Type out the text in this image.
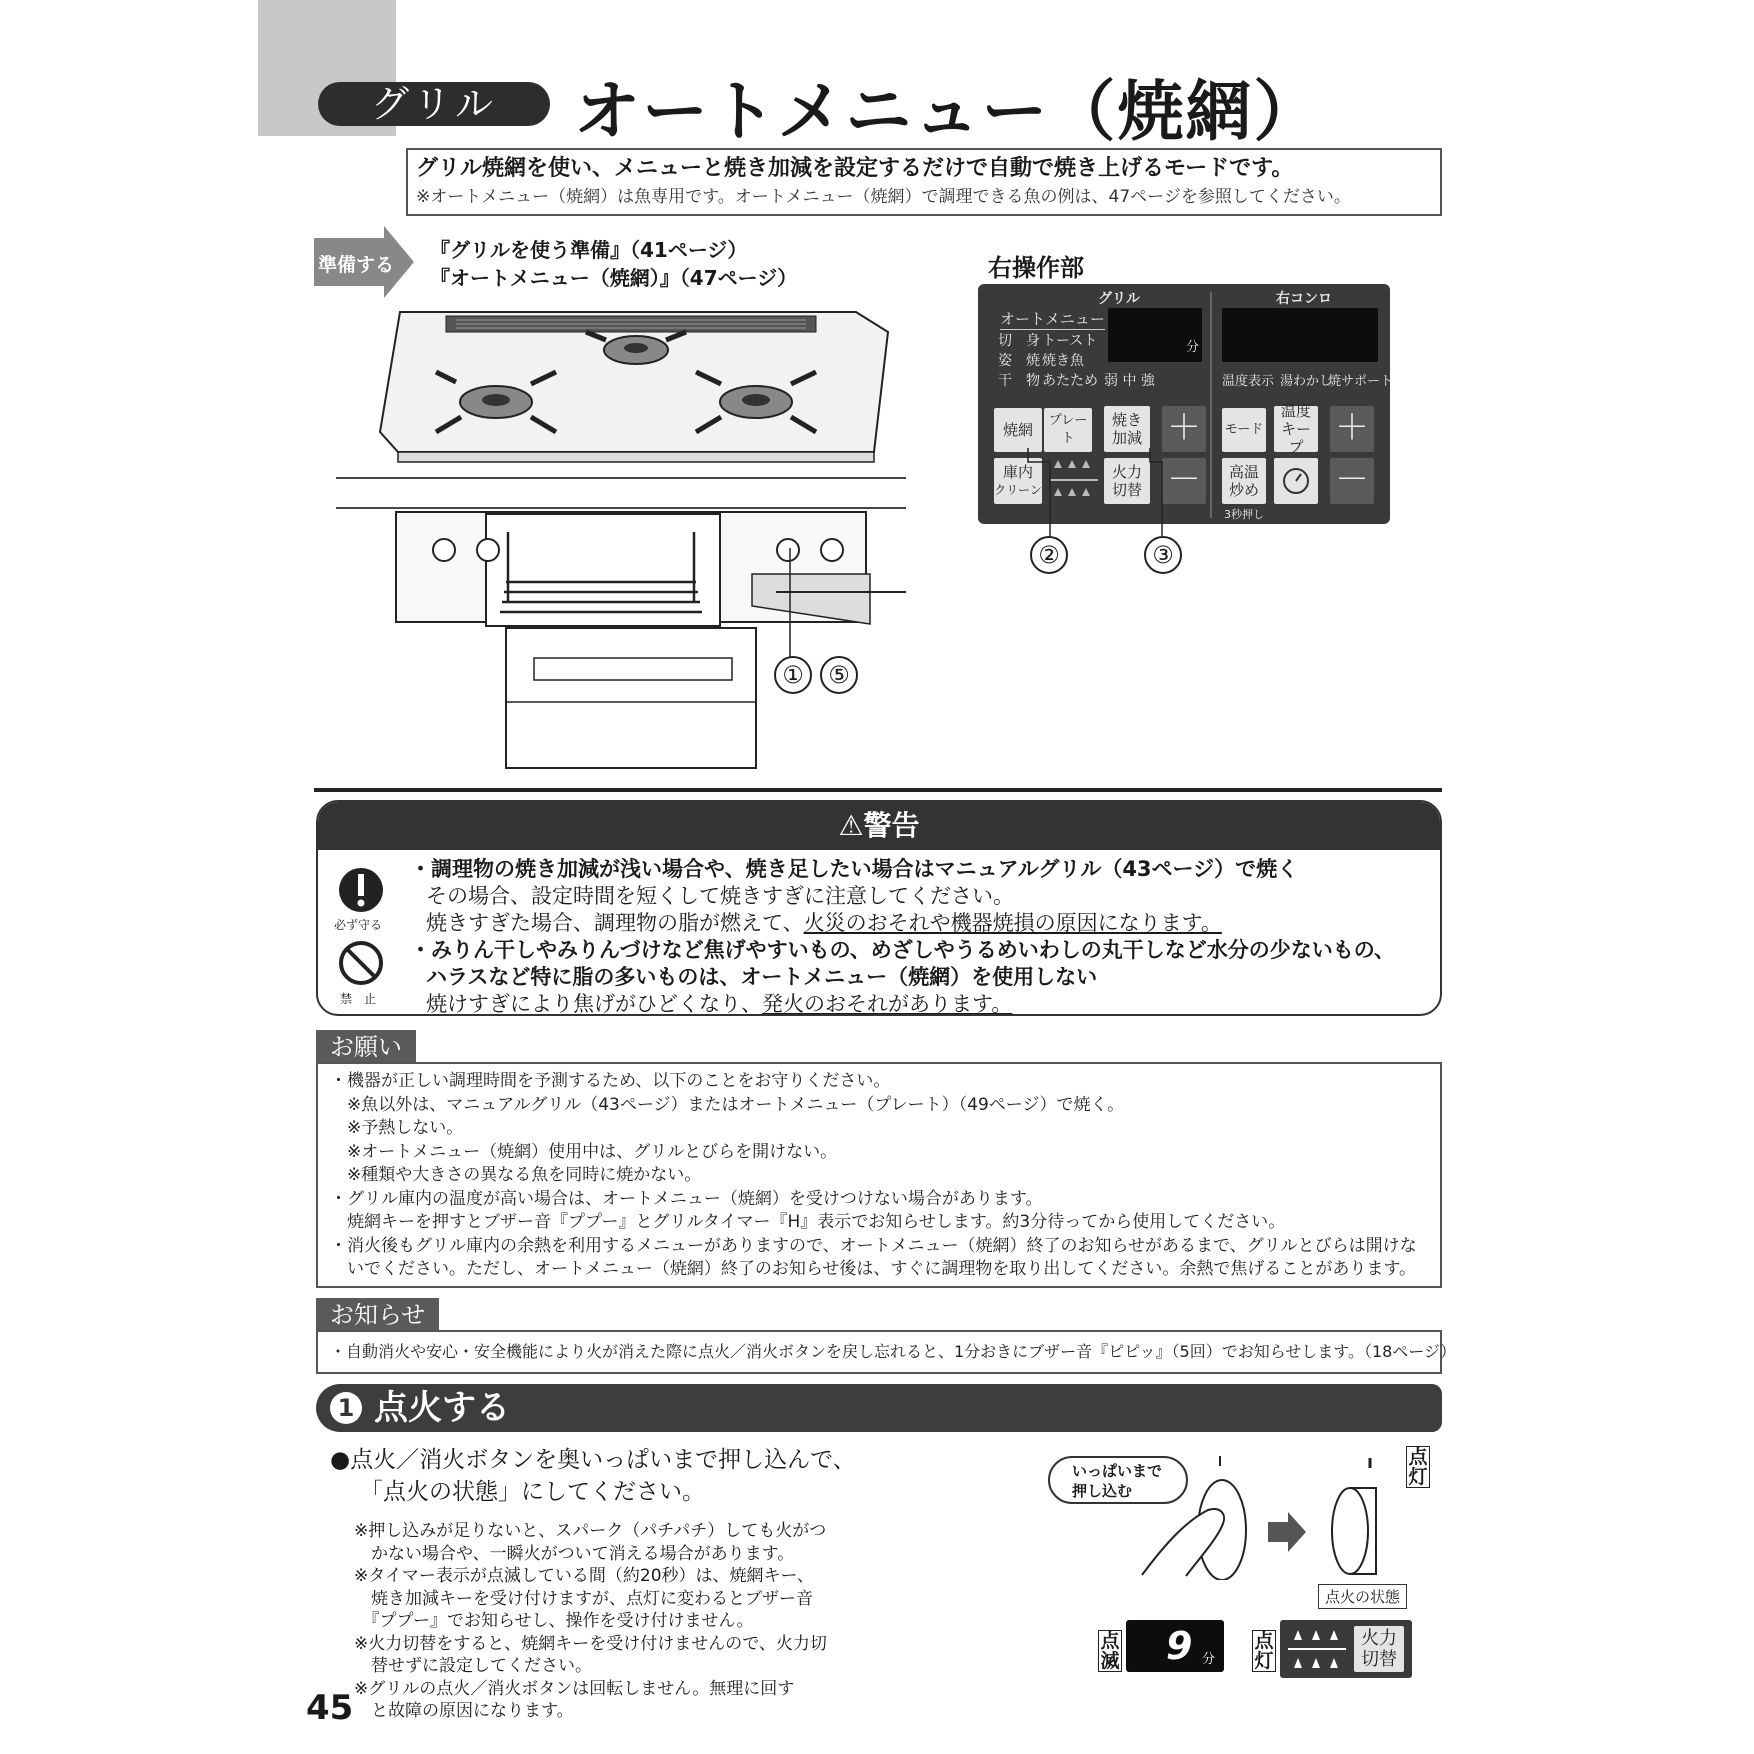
グリル	オートメニュー（焼網）
グリル焼網を使い、メニューと焼き加減を設定するだけで自動で焼き上げるモードです。
※オートメニュー（焼網）は魚専用です。オートメニュー（焼網）で調理できる魚の例は、47ページを参照してください。
準備する
『グリルを使う準備』（41ページ）
『オートメニュー（焼網）』（47ページ）
①	⑤
右操作部
グリル	右コンロ
オートメニュー
切　身 トースト
姿　焼 焼き魚
干　物 あたため 弱 中 強
分
温度表示 湯わかし
焼サポート
焼網
プレート
焼き
加減 ＋	モード
温度
キープ ＋
庫内
クリーン
火力
切替 －	高温
炒め －
3秒押し
②	③
⚠警告
必ず守る
禁　止
・調理物の焼き加減が浅い場合や、焼き足したい場合はマニュアルグリル（43ページ）で焼く
その場合、設定時間を短くして焼きすぎに注意してください。
焼きすぎた場合、調理物の脂が燃えて、火災のおそれや機器焼損の原因になります。
・みりん干しやみりんづけなど焦げやすいもの、めざしやうるめいわしの丸干しなど水分の少ないもの、
ハラスなど特に脂の多いものは、オートメニュー（焼網）を使用しない
焼けすぎにより焦げがひどくなり、発火のおそれがあります。
お願い
・機器が正しい調理時間を予測するため、以下のことをお守りください。
　※魚以外は、マニュアルグリル（43ページ）またはオートメニュー（プレート）（49ページ）で焼く。
　※予熱しない。
　※オートメニュー（焼網）使用中は、グリルとびらを開けない。
　※種類や大きさの異なる魚を同時に焼かない。
・グリル庫内の温度が高い場合は、オートメニュー（焼網）を受けつけない場合があります。
　焼網キーを押すとブザー音『ププー』とグリルタイマー『H』表示でお知らせします。約3分待ってから使用してください。
・消火後もグリル庫内の余熱を利用するメニューがありますので、オートメニュー（焼網）終了のお知らせがあるまで、グリルとびらは開けな
　いでください。ただし、オートメニュー（焼網）終了のお知らせ後は、すぐに調理物を取り出してください。余熱で焦げることがあります。
お知らせ
・自動消火や安心・安全機能により火が消えた際に点火／消火ボタンを戻し忘れると、1分おきにブザー音『ピピッ』（5回）でお知らせします。（18ページ）
1 点火する
●点火／消火ボタンを奥いっぱいまで押し込んで、
「点火の状態」にしてください。
※押し込みが足りないと、スパーク（パチパチ）しても火がつ
　かない場合や、一瞬火がついて消える場合があります。
※タイマー表示が点滅している間（約20秒）は、焼網キー、
　焼き加減キーを受け付けますが、点灯に変わるとブザー音
　『ププー』でお知らせし、操作を受け付けません。
※火力切替をすると、焼網キーを受け付けませんので、火力切
　替せずに設定してください。
※グリルの点火／消火ボタンは回転しません。無理に回す
　と故障の原因になります。
45
いっぱいまで
押し込む
点
灯
点火の状態
点
滅 9 分
点
灯
火力
切替
